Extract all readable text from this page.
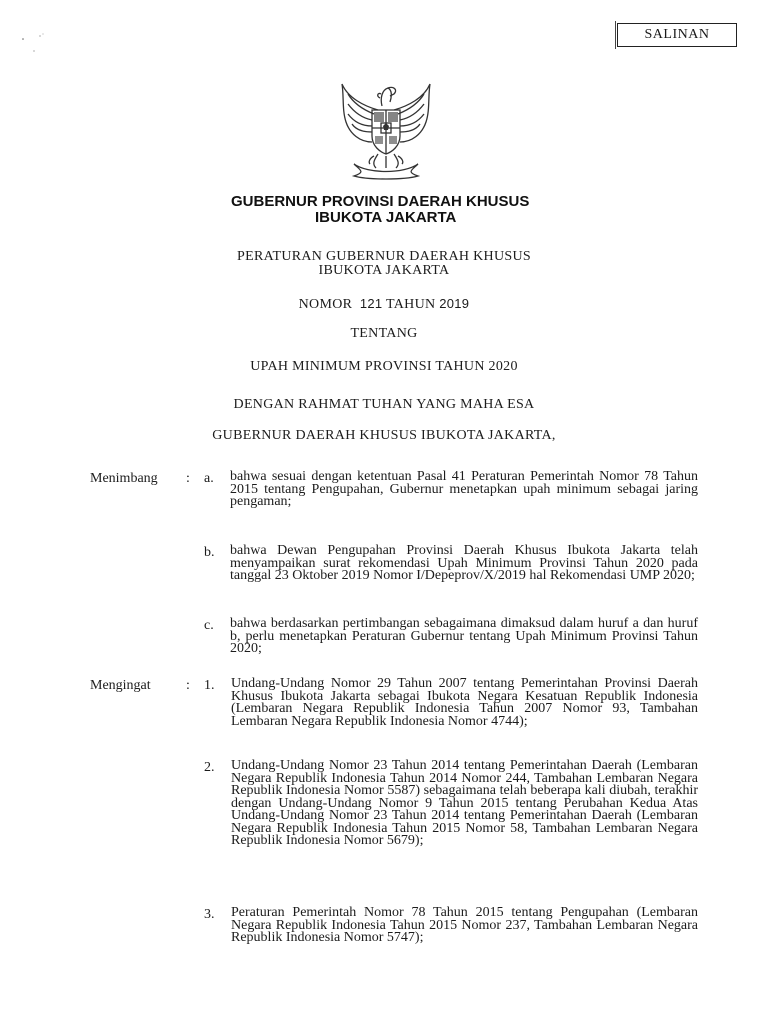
SALINAN
GUBERNUR PROVINSI DAERAH KHUSUS
IBUKOTA JAKARTA
PERATURAN GUBERNUR DAERAH KHUSUS
IBUKOTA JAKARTA
NOMOR 121 TAHUN 2019
TENTANG
UPAH MINIMUM PROVINSI TAHUN 2020
DENGAN RAHMAT TUHAN YANG MAHA ESA
GUBERNUR DAERAH KHUSUS IBUKOTA JAKARTA,
Menimbang : a. bahwa sesuai dengan ketentuan Pasal 41 Peraturan Pemerintah Nomor 78 Tahun 2015 tentang Pengupahan, Gubernur menetapkan upah minimum sebagai jaring pengaman;
b. bahwa Dewan Pengupahan Provinsi Daerah Khusus Ibukota Jakarta telah menyampaikan surat rekomendasi Upah Minimum Provinsi Tahun 2020 pada tanggal 23 Oktober 2019 Nomor I/Depeprov/X/2019 hal Rekomendasi UMP 2020;
c. bahwa berdasarkan pertimbangan sebagaimana dimaksud dalam huruf a dan huruf b, perlu menetapkan Peraturan Gubernur tentang Upah Minimum Provinsi Tahun 2020;
Mengingat	: 1. Undang-Undang Nomor 29 Tahun 2007 tentang Pemerintahan Provinsi Daerah Khusus Ibukota Jakarta sebagai Ibukota Negara Kesatuan Republik Indonesia (Lembaran Negara Republik Indonesia Tahun 2007 Nomor 93, Tambahan Lembaran Negara Republik Indonesia Nomor 4744);
2. Undang-Undang Nomor 23 Tahun 2014 tentang Pemerintahan Daerah (Lembaran Negara Republik Indonesia Tahun 2014 Nomor 244, Tambahan Lembaran Negara Republik Indonesia Nomor 5587) sebagaimana telah beberapa kali diubah, terakhir dengan Undang-Undang Nomor 9 Tahun 2015 tentang Perubahan Kedua Atas Undang-Undang Nomor 23 Tahun 2014 tentang Pemerintahan Daerah (Lembaran Negara Republik Indonesia Tahun 2015 Nomor 58, Tambahan Lembaran Negara Republik Indonesia Nomor 5679);
3. Peraturan Pemerintah Nomor 78 Tahun 2015 tentang Pengupahan (Lembaran Negara Republik Indonesia Tahun 2015 Nomor 237, Tambahan Lembaran Negara Republik Indonesia Nomor 5747);
